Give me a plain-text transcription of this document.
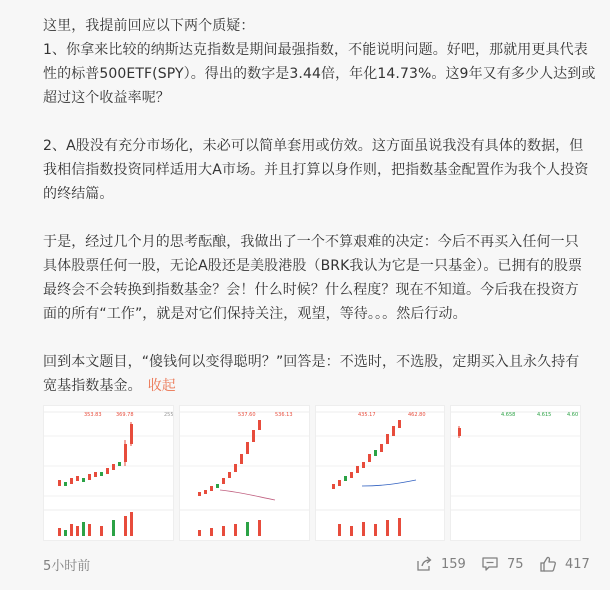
这里，我提前回应以下两个质疑：
1、你拿来比较的纳斯达克指数是期间最强指数，不能说明问题。好吧，那就用更具代表
性的标普500ETF(SPY）。得出的数字是3.44倍，年化14.73%。这9年又有多少人达到或
超过这个收益率呢？
2、A股没有充分市场化，未必可以简单套用或仿效。这方面虽说我没有具体的数据，但
我相信指数投资同样适用大A市场。并且打算以身作则，把指数基金配置作为我个人投资
的终结篇。
于是，经过几个月的思考酝酿，我做出了一个不算艰难的决定：今后不再买入任何一只
具体股票任何一股，无论A股还是美股港股（BRK我认为它是一只基金）。已拥有的股票
最终会不会转换到指数基金？会！什么时候？什么程度？现在不知道。今后我在投资方
面的所有“工作”，就是对它们保持关注，观望，等待。。。然后行动。
回到本文题目，“傻钱何以变得聪明？”回答是：不选时，不选股，定期买入且永久持有
宽基指数基金。 收起
353.83	369.78	255	537.60	536.13	435.17	462.80	4.658	4.615	4.60
5小时前	159	75	417
